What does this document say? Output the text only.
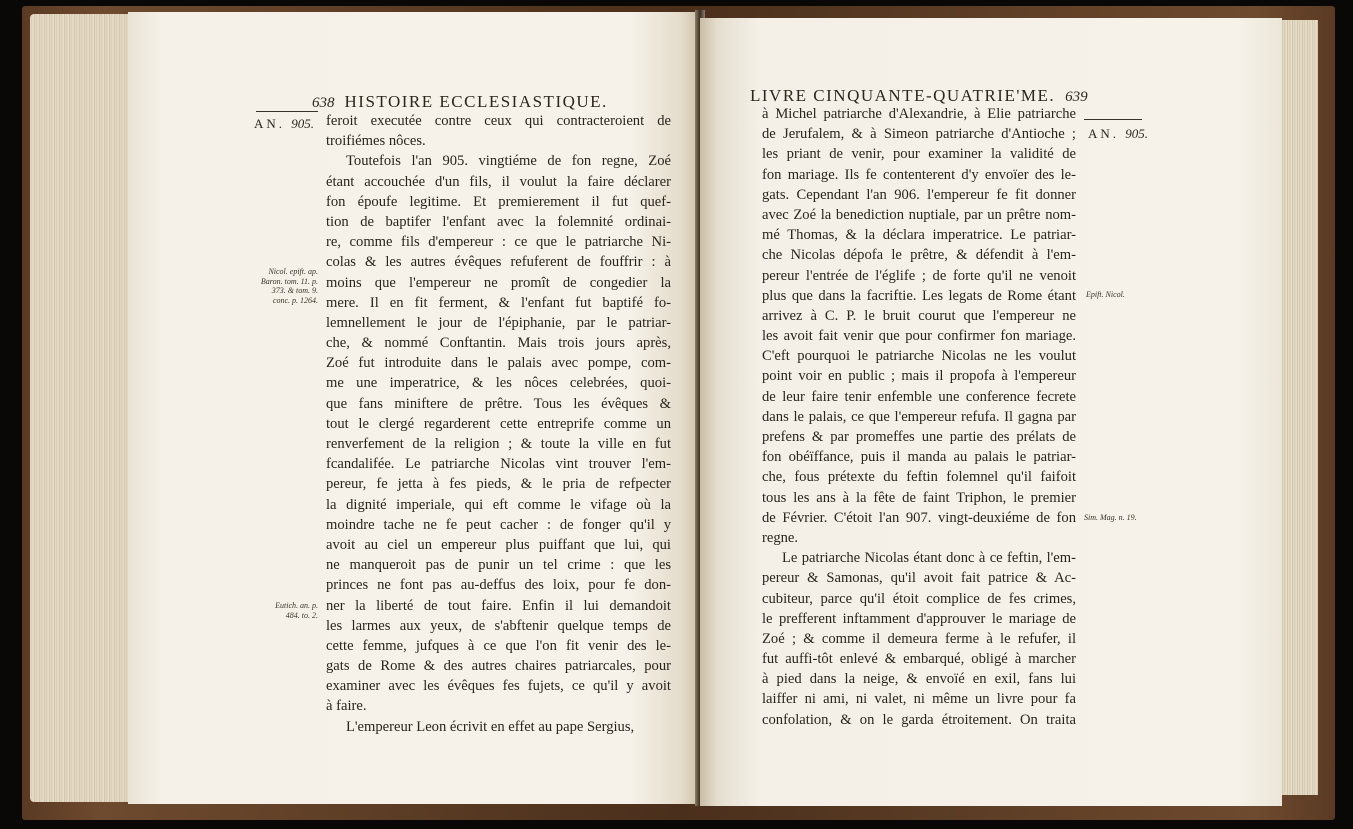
638 HISTOIRE ECCLESIASTIQUE.
AN. 905. feroit executée contre ceux qui contracteroient de
troifiémes nôces.
Toutefois l'an 905. vingtiéme de fon regne, Zoé
étant accouchée d'un fils, il voulut la faire déclarer
fon époufe legitime. Et premierement il fut quef-
tion de baptifer l'enfant avec la folemnité ordinai-
re, comme fils d'empereur : ce que le patriarche Ni-
colas & les autres évêques refuferent de fouffrir : à
moins que l'empereur ne promît de congedier la
mere. Il en fit ferment, & l'enfant fut baptifé fo-
lemnellement le jour de l'épiphanie, par le patriar-
che, & nommé Conftantin. Mais trois jours après,
Zoé fut introduite dans le palais avec pompe, com-
me une imperatrice, & les nôces celebrées, quoi-
que fans miniftere de prêtre. Tous les évêques &
tout le clergé regarderent cette entreprife comme un
renverfement de la religion ; & toute la ville en fut
fcandalifée. Le patriarche Nicolas vint trouver l'em-
pereur, fe jetta à fes pieds, & le pria de refpecter
la dignité imperiale, qui eft comme le vifage où la
moindre tache ne fe peut cacher : de fonger qu'il y
avoit au ciel un empereur plus puiffant que lui, qui
ne manqueroit pas de punir un tel crime : que les
princes ne font pas au-deffus des loix, pour fe don-
ner la liberté de tout faire. Enfin il lui demandoit
les larmes aux yeux, de s'abftenir quelque temps de
cette femme, jufques à ce que l'on fit venir des le-
gats de Rome & des autres chaires patriarcales, pour
examiner avec les évêques fes fujets, ce qu'il y avoit
à faire.
L'empereur Leon écrivit en effet au pape Sergius,
Nicol. epift. ap.
Baron. tom. 11. p.
373. & tom. 9.
conc. p. 1264.
Eutich. an. p.
484. to. 2.
LIVRE CINQUANTE-QUATRIE'ME. 639
AN. 905.
à Michel patriarche d'Alexandrie, à Elie patriarche
de Jerufalem, & à Simeon patriarche d'Antioche ;
les priant de venir, pour examiner la validité de
fon mariage. Ils fe contenterent d'y envoïer des le-
gats. Cependant l'an 906. l'empereur fe fit donner
avec Zoé la benediction nuptiale, par un prêtre nom-
mé Thomas, & la déclara imperatrice. Le patriar-
che Nicolas dépofa le prêtre, & défendit à l'em-
pereur l'entrée de l'églife ; de forte qu'il ne venoit
plus que dans la facriftie. Les legats de Rome étant
arrivez à C. P. le bruit courut que l'empereur ne
les avoit fait venir que pour confirmer fon mariage.
C'eft pourquoi le patriarche Nicolas ne les voulut
point voir en public ; mais il propofa à l'empereur
de leur faire tenir enfemble une conference fecrete
dans le palais, ce que l'empereur refufa. Il gagna par
prefens & par promeffes une partie des prélats de
fon obéïffance, puis il manda au palais le patriar-
che, fous prétexte du feftin folemnel qu'il faifoit
tous les ans à la fête de faint Triphon, le premier
de Février. C'étoit l'an 907. vingt-deuxiéme de fon
regne.
Le patriarche Nicolas étant donc à ce feftin, l'em-
pereur & Samonas, qu'il avoit fait patrice & Ac-
cubiteur, parce qu'il étoit complice de fes crimes,
le prefferent inftamment d'approuver le mariage de
Zoé ; & comme il demeura ferme à le refufer, il
fut auffi-tôt enlevé & embarqué, obligé à marcher
à pied dans la neige, & envoïé en exil, fans lui
laiffer ni ami, ni valet, ni même un livre pour fa
confolation, & on le garda étroitement. On traita
Epift. Nicol.
Sim. Mag. n. 19.
